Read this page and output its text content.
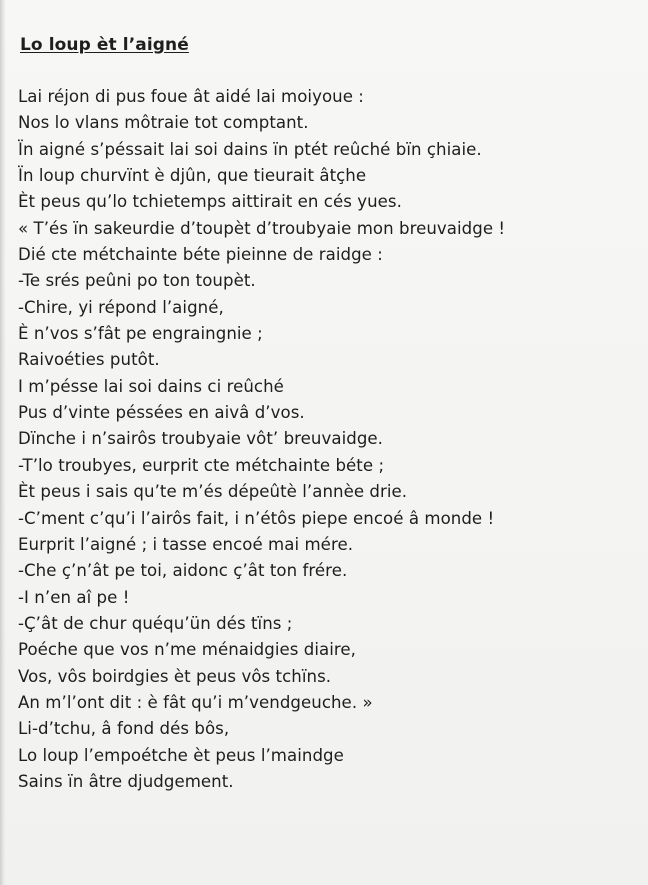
Lo loup èt l’aigné
Lai réjon di pus foue ât aidé lai moiyoue :
Nos lo vlans môtraie tot comptant.
Ïn aigné s’péssait lai soi dains ïn ptét reûché bïn çhiaie.
Ïn loup churvïnt è djûn, que tieurait âtçhe
Èt peus qu’lo tchietemps aittirait en cés yues.
« T’és ïn sakeurdie d’toupèt d’troubyaie mon breuvaidge !
Dié cte métchainte béte pieinne de raidge :
-Te srés peûni po ton toupèt.
-Chire, yi répond l’aigné,
È n’vos s’fât pe engraingnie ;
Raivoéties putôt.
I m’pésse lai soi dains ci reûché
Pus d’vinte péssées en aivâ d’vos.
Dïnche i n’sairôs troubyaie vôt’ breuvaidge.
-T’lo troubyes, eurprit cte métchainte béte ;
Èt peus i sais qu’te m’és dépeûtè l’annèe drie.
-C’ment c’qu’i l’airôs fait, i n’étôs piepe encoé â monde !
Eurprit l’aigné ; i tasse encoé mai mére.
-Che ç’n’ât pe toi, aidonc ç’ât ton frére.
-I n’en aî pe !
-Ç’ât de chur quéqu’ün dés tïns ;
Poéche que vos n’me ménaidgies diaire,
Vos, vôs boirdgies èt peus vôs tchïns.
An m’l’ont dit : è fât qu’i m’vendgeuche. »
Li-d’tchu, â fond dés bôs,
Lo loup l’empoétche èt peus l’maindge
Sains ïn âtre djudgement.
